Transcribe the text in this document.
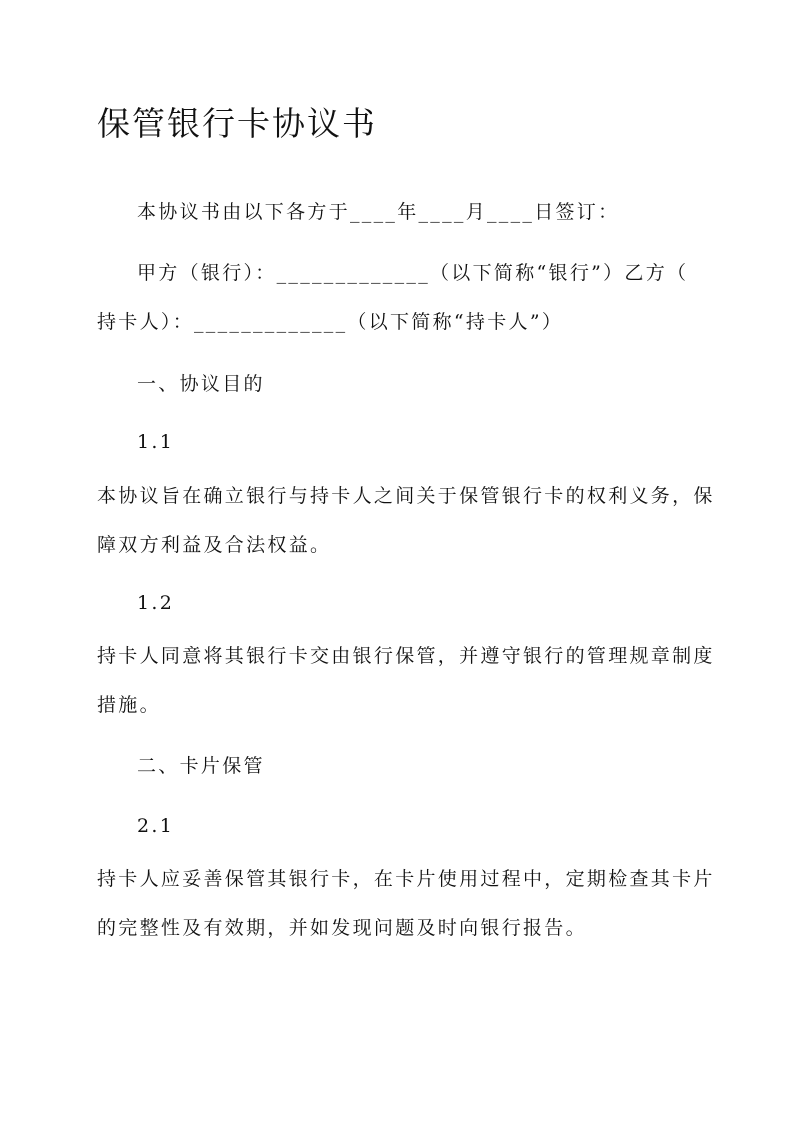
保管银行卡协议书

本协议书由以下各方于____年____月____日签订：

甲方（银行）：_____________（以下简称“银行”）乙方（

持卡人）：_____________（以下简称“持卡人”）

一、协议目的

1.1

本协议旨在确立银行与持卡人之间关于保管银行卡的权利义务，保

障双方利益及合法权益。

1.2

持卡人同意将其银行卡交由银行保管，并遵守银行的管理规章制度

措施。

二、卡片保管

2.1

持卡人应妥善保管其银行卡，在卡片使用过程中，定期检查其卡片

的完整性及有效期，并如发现问题及时向银行报告。
